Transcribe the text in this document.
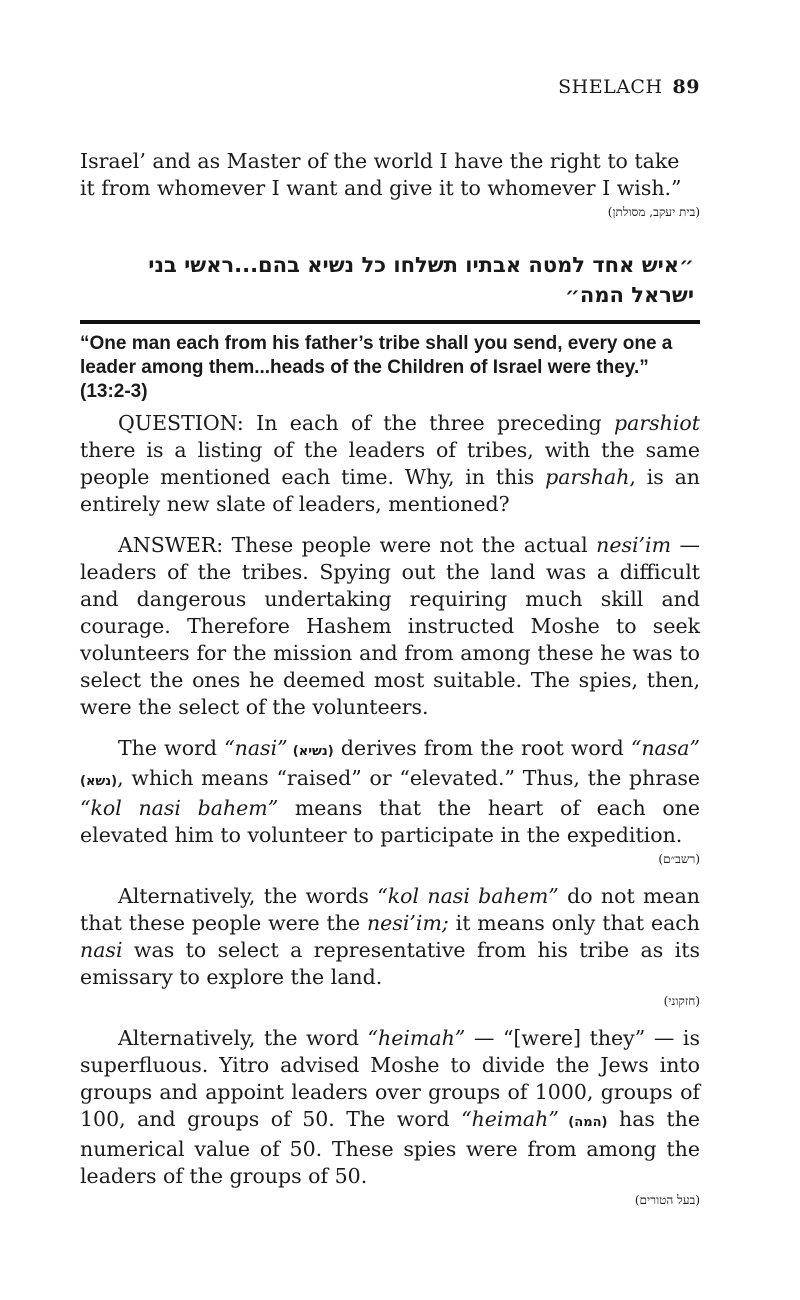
SHELACH 89

Israel’ and as Master of the world I have the right to take it from whomever I want and give it to whomever I wish.”

(בית יעקב, מסולתן)

״איש אחד למטה אבתיו תשלחו כל נשיא בהם...ראשי בני ישראל המה״

“One man each from his father’s tribe shall you send, every one a leader among them...heads of the Children of Israel were they.” (13:2-3)

QUESTION: In each of the three preceding parshiot there is a listing of the leaders of tribes, with the same people mentioned each time. Why, in this parshah, is an entirely new slate of leaders, mentioned?

ANSWER: These people were not the actual nesi’im — leaders of the tribes. Spying out the land was a difficult and dangerous undertaking requiring much skill and courage. Therefore Hashem instructed Moshe to seek volunteers for the mission and from among these he was to select the ones he deemed most suitable. The spies, then, were the select of the volunteers.

The word “nasi” (נשיא) derives from the root word “nasa” (נשא), which means “raised” or “elevated.” Thus, the phrase “kol nasi bahem” means that the heart of each one elevated him to volunteer to participate in the expedition.

(רשב״ם)

Alternatively, the words “kol nasi bahem” do not mean that these people were the nesi’im; it means only that each nasi was to select a representative from his tribe as its emissary to explore the land.

(חזקוני)

Alternatively, the word “heimah” — “[were] they” — is superfluous. Yitro advised Moshe to divide the Jews into groups and appoint leaders over groups of 1000, groups of 100, and groups of 50. The word “heimah” (המה) has the numerical value of 50. These spies were from among the leaders of the groups of 50.

(בעל הטורים)
